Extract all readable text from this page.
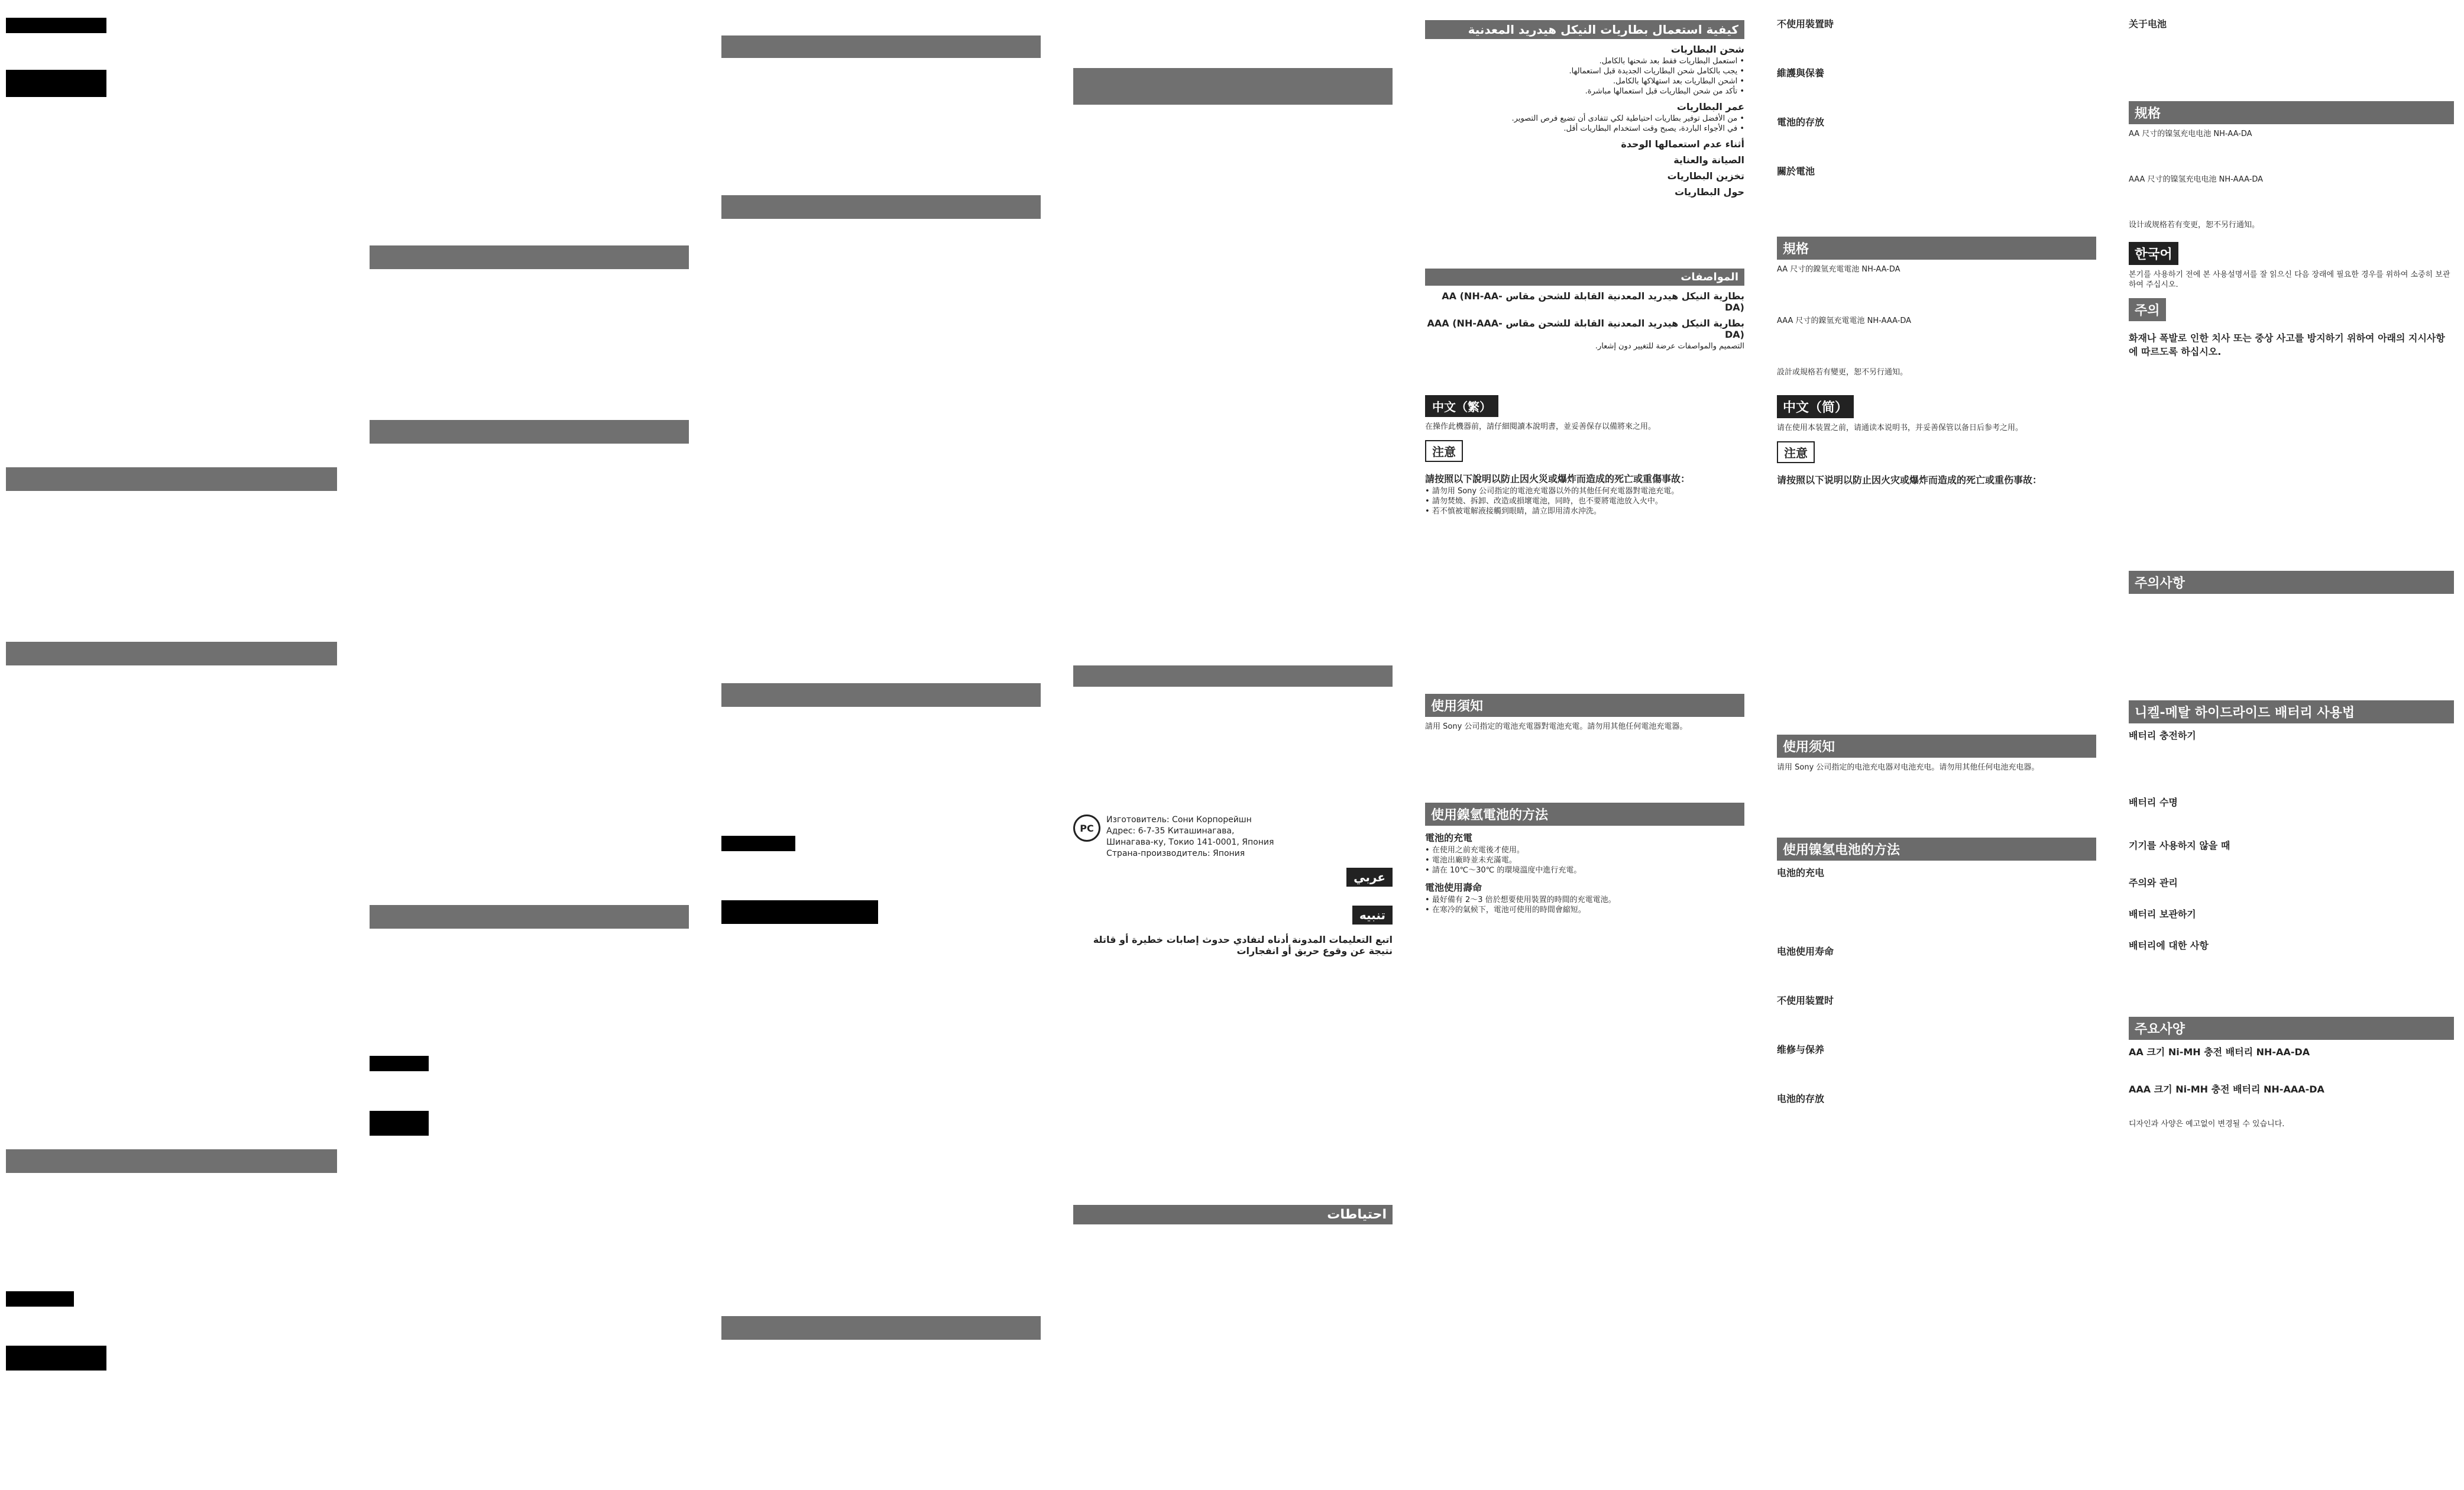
PC

Изготовитель: Сони Корпорейшн

Адрес: 6-7-35 Киташинагава,

Шинагава-ку, Токио 141-0001, Япония

Страна-производитель: Япония

عربي
تنبيه
اتبع التعليمات المدونة أدناه لتفادي حدوث إصابات خطيرة أو قاتلة نتيجة عن وقوع حريق أو انفجارات
احتياطات
كيفية استعمال بطاريات النيكل هيدريد المعدنية
شحن البطاريات
• استعمل البطاريات فقط بعد شحنها بالكامل.
• يجب بالكامل شحن البطاريات الجديدة قبل استعمالها.
• اشحن البطاريات بعد استهلاكها بالكامل.
• تأكد من شحن البطاريات قبل استعمالها مباشرة.
عمر البطاريات
• من الأفضل توفير بطاريات احتياطية لكي تتفادى أن تضيع فرص التصوير.
• في الأجواء الباردة، يصبح وقت استخدام البطاريات أقل.
أثناء عدم استعمالها الوحدة
الصيانة والعناية
تخزين البطاريات
حول البطاريات
المواصفات
بطارية النيكل هيدريد المعدنية القابلة للشحن مقاس AA (NH-AA-DA)
بطارية النيكل هيدريد المعدنية القابلة للشحن مقاس AAA (NH-AAA-DA)

التصميم والمواصفات عرضة للتغيير دون إشعار.

中文（繁）

在操作此機器前，請仔細閱讀本說明書，並妥善保存以備將來之用。

注意
請按照以下說明以防止因火災或爆炸而造成的死亡或重傷事故：
• 請勿用 Sony 公司指定的電池充電器以外的其他任何充電器對電池充電。
• 請勿焚燒、拆卸、改造或損壞電池，同時，也不要將電池放入火中。
• 若不慎被電解液接觸到眼睛，請立即用清水沖洗。
使用須知

請用 Sony 公司指定的電池充電器對電池充電。請勿用其他任何電池充電器。

使用鎳氫電池的方法
電池的充電
• 在使用之前充電後才使用。
• 電池出廠時並未充滿電。
• 請在 10℃～30℃ 的環境溫度中進行充電。
電池使用壽命
• 最好備有 2～3 倍於想要使用裝置的時間的充電電池。
• 在寒冷的氣候下，電池可使用的時間會縮短。
不使用裝置時
維護與保養
電池的存放
關於電池
規格

AA 尺寸的鎳氫充電電池 NH-AA-DA

AAA 尺寸的鎳氫充電電池 NH-AAA-DA

設計或規格若有變更，恕不另行通知。

中文（简）

请在使用本装置之前，请通读本说明书，并妥善保管以备日后参考之用。

注意
请按照以下说明以防止因火灾或爆炸而造成的死亡或重伤事故：
使用须知

请用 Sony 公司指定的电池充电器对电池充电。请勿用其他任何电池充电器。

使用镍氢电池的方法
电池的充电
电池使用寿命
不使用装置时
维修与保养
电池的存放
关于电池
规格

AA 尺寸的镍氢充电电池 NH-AA-DA

AAA 尺寸的镍氢充电电池 NH-AAA-DA

设计或规格若有变更，恕不另行通知。

한국어

본기를 사용하기 전에 본 사용설명서를 잘 읽으신 다음 장래에 필요한 경우를 위하여 소중히 보관하여 주십시오.

주의
화재나 폭발로 인한 치사 또는 중상 사고를 방지하기 위하여 아래의 지시사항에 따르도록 하십시오.
주의사항
니켈-메탈 하이드라이드 배터리 사용법
배터리 충전하기
배터리 수명
기기를 사용하지 않을 때
주의와 관리
배터리 보관하기
배터리에 대한 사항
주요사양
AA 크기 Ni-MH 충전 배터리 NH-AA-DA
AAA 크기 Ni-MH 충전 배터리 NH-AAA-DA

디자인과 사양은 예고없이 변경될 수 있습니다.
